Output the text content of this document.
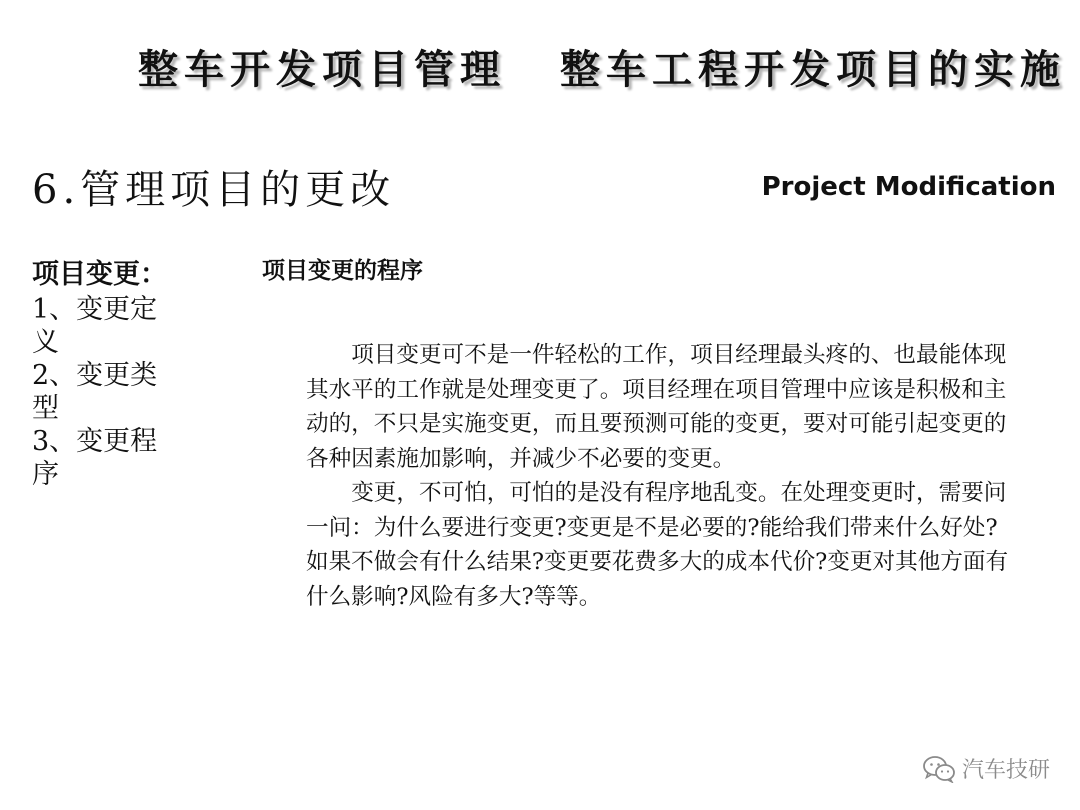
整车开发项目管理 整车工程开发项目的实施
6.管理项目的更改	Project Modification
项目变更：
1、变更定义
2、变更类型
3、变更程序
项目变更的程序

项目变更可不是一件轻松的工作，项目经理最头疼的、也最能体现其水平的工作就是处理变更了。项目经理在项目管理中应该是积极和主动的，不只是实施变更，而且要预测可能的变更，要对可能引起变更的各种因素施加影响，并减少不必要的变更。

变更，不可怕，可怕的是没有程序地乱变。在处理变更时，需要问一问：为什么要进行变更?变更是不是必要的?能给我们带来什么好处?如果不做会有什么结果?变更要花费多大的成本代价?变更对其他方面有什么影响?风险有多大?等等。

汽车技研
